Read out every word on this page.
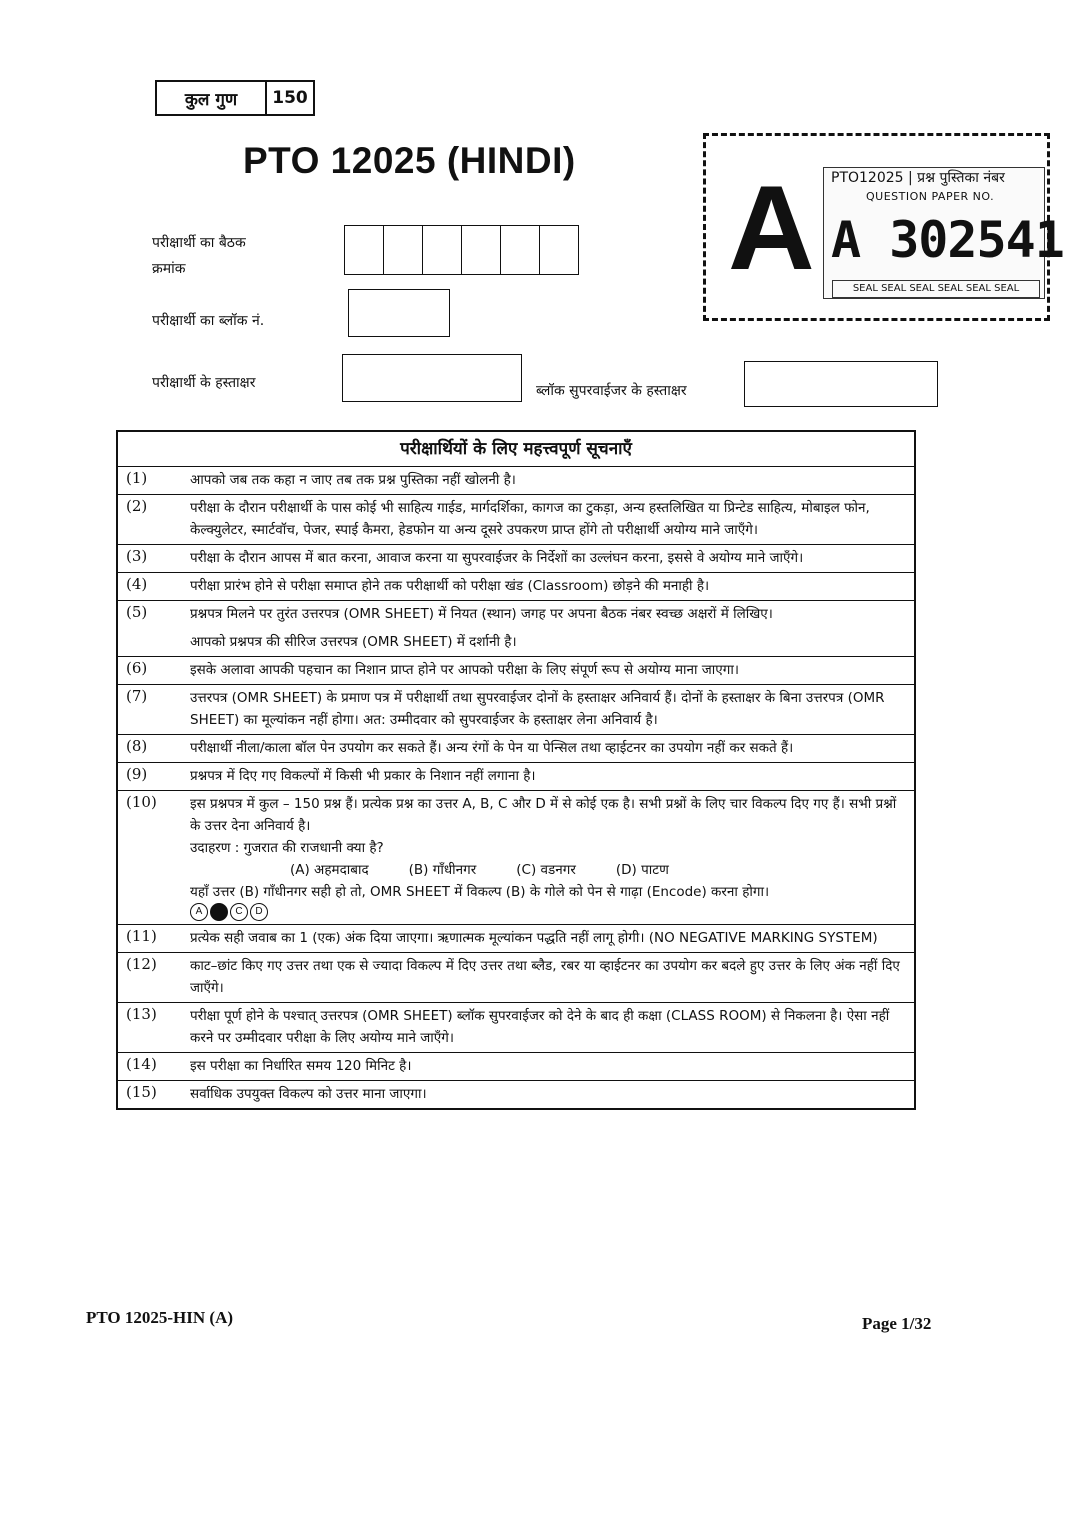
कुल गुण	150
PTO 12025 (HINDI)
परीक्षार्थी का बैठक क्रमांक
परीक्षार्थी का ब्लॉक नं.
परीक्षार्थी के हस्ताक्षर	ब्लॉक सुपरवाईजर के हस्ताक्षर
A PTO12025 | प्रश्न पुस्तिका नंबर
QUESTION PAPER NO.
A 302541
SEAL SEAL SEAL SEAL SEAL SEAL
परीक्षार्थियों के लिए महत्त्वपूर्ण सूचनाएँ
(1)	आपको जब तक कहा न जाए तब तक प्रश्न पुस्तिका नहीं खोलनी है।
(2)	परीक्षा के दौरान परीक्षार्थी के पास कोई भी साहित्य गाईड, मार्गदर्शिका, कागज का टुकड़ा, अन्य हस्तलिखित या प्रिन्टेड साहित्य, मोबाइल फोन, केल्क्युलेटर, स्मार्टवॉच, पेजर, स्पाई कैमरा, हेडफोन या अन्य दूसरे उपकरण प्राप्त होंगे तो परीक्षार्थी अयोग्य माने जाएँगे।
(3)	परीक्षा के दौरान आपस में बात करना, आवाज करना या सुपरवाईजर के निर्देशों का उल्लंघन करना, इससे वे अयोग्य माने जाएँगे।
(4)	परीक्षा प्रारंभ होने से परीक्षा समाप्त होने तक परीक्षार्थी को परीक्षा खंड (Classroom) छोड़ने की मनाही है।
(5)	प्रश्नपत्र मिलने पर तुरंत उत्तरपत्र (OMR SHEET) में नियत (स्थान) जगह पर अपना बैठक नंबर स्वच्छ अक्षरों में लिखिए।
आपको प्रश्नपत्र की सीरिज उत्तरपत्र (OMR SHEET) में दर्शानी है।
(6)	इसके अलावा आपकी पहचान का निशान प्राप्त होने पर आपको परीक्षा के लिए संपूर्ण रूप से अयोग्य माना जाएगा।
(7)	उत्तरपत्र (OMR SHEET) के प्रमाण पत्र में परीक्षार्थी तथा सुपरवाईजर दोनों के हस्ताक्षर अनिवार्य हैं। दोनों के हस्ताक्षर के बिना उत्तरपत्र (OMR SHEET) का मूल्यांकन नहीं होगा। अत: उम्मीदवार को सुपरवाईजर के हस्ताक्षर लेना अनिवार्य है।
(8)	परीक्षार्थी नीला/काला बॉल पेन उपयोग कर सकते हैं। अन्य रंगों के पेन या पेन्सिल तथा व्हाईटनर का उपयोग नहीं कर सकते हैं।
(9)	प्रश्नपत्र में दिए गए विकल्पों में किसी भी प्रकार के निशान नहीं लगाना है।
(10)	इस प्रश्नपत्र में कुल – 150 प्रश्न हैं। प्रत्येक प्रश्न का उत्तर A, B, C और D में से कोई एक है। सभी प्रश्नों के लिए चार विकल्प दिए गए हैं। सभी प्रश्नों के उत्तर देना अनिवार्य है।
उदाहरण : गुजरात की राजधानी क्या है?
(A) अहमदाबाद	(B) गाँधीनगर	(C) वडनगर	(D) पाटण
यहाँ उत्तर (B) गाँधीनगर सही हो तो, OMR SHEET में विकल्प (B) के गोले को पेन से गाढ़ा (Encode) करना होगा।
A	C	D
(11)	प्रत्येक सही जवाब का 1 (एक) अंक दिया जाएगा। ऋणात्मक मूल्यांकन पद्धति नहीं लागू होगी। (NO NEGATIVE MARKING SYSTEM)
(12)	काट–छांट किए गए उत्तर तथा एक से ज्यादा विकल्प में दिए उत्तर तथा ब्लैड, रबर या व्हाईटनर का उपयोग कर बदले हुए उत्तर के लिए अंक नहीं दिए जाएँगे।
(13)	परीक्षा पूर्ण होने के पश्चात् उत्तरपत्र (OMR SHEET) ब्लॉक सुपरवाईजर को देने के बाद ही कक्षा (CLASS ROOM) से निकलना है। ऐसा नहीं करने पर उम्मीदवार परीक्षा के लिए अयोग्य माने जाएँगे।
(14)	इस परीक्षा का निर्धारित समय 120 मिनिट है।
(15)	सर्वाधिक उपयुक्त विकल्प को उत्तर माना जाएगा।
PTO 12025-HIN (A)	Page 1/32
